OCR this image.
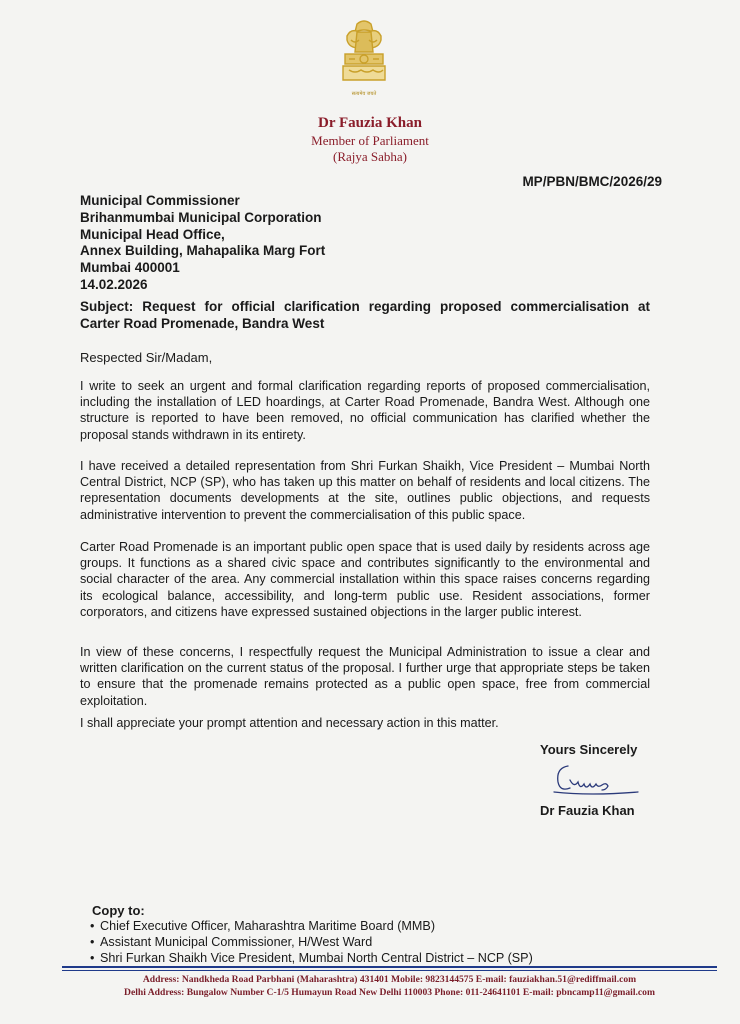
सत्यमेव जयते
Dr Fauzia Khan
Member of Parliament
(Rajya Sabha)
MP/PBN/BMC/2026/29
Municipal Commissioner
Brihanmumbai Municipal Corporation
Municipal Head Office,
Annex Building, Mahapalika Marg Fort
Mumbai 400001
14.02.2026
Subject: Request for official clarification regarding proposed commercialisation at Carter Road Promenade, Bandra West
Respected Sir/Madam,
I write to seek an urgent and formal clarification regarding reports of proposed commercialisation, including the installation of LED hoardings, at Carter Road Promenade, Bandra West. Although one structure is reported to have been removed, no official communication has clarified whether the proposal stands withdrawn in its entirety.
I have received a detailed representation from Shri Furkan Shaikh, Vice President – Mumbai North Central District, NCP (SP), who has taken up this matter on behalf of residents and local citizens. The representation documents developments at the site, outlines public objections, and requests administrative intervention to prevent the commercialisation of this public space.
Carter Road Promenade is an important public open space that is used daily by residents across age groups. It functions as a shared civic space and contributes significantly to the environmental and social character of the area. Any commercial installation within this space raises concerns regarding its ecological balance, accessibility, and long-term public use. Resident associations, former corporators, and citizens have expressed sustained objections in the larger public interest.
In view of these concerns, I respectfully request the Municipal Administration to issue a clear and written clarification on the current status of the proposal. I further urge that appropriate steps be taken to ensure that the promenade remains protected as a public open space, free from commercial exploitation.
I shall appreciate your prompt attention and necessary action in this matter.
Yours Sincerely
Dr Fauzia Khan
Copy to:
• Chief Executive Officer, Maharashtra Maritime Board (MMB)
• Assistant Municipal Commissioner, H/West Ward
• Shri Furkan Shaikh Vice President, Mumbai North Central District – NCP (SP)
Address: Nandkheda Road Parbhani (Maharashtra) 431401 Mobile: 9823144575 E-mail: fauziakhan.51@rediffmail.com
Delhi Address: Bungalow Number C-1/5 Humayun Road New Delhi 110003 Phone: 011-24641101 E-mail: pbncamp11@gmail.com
